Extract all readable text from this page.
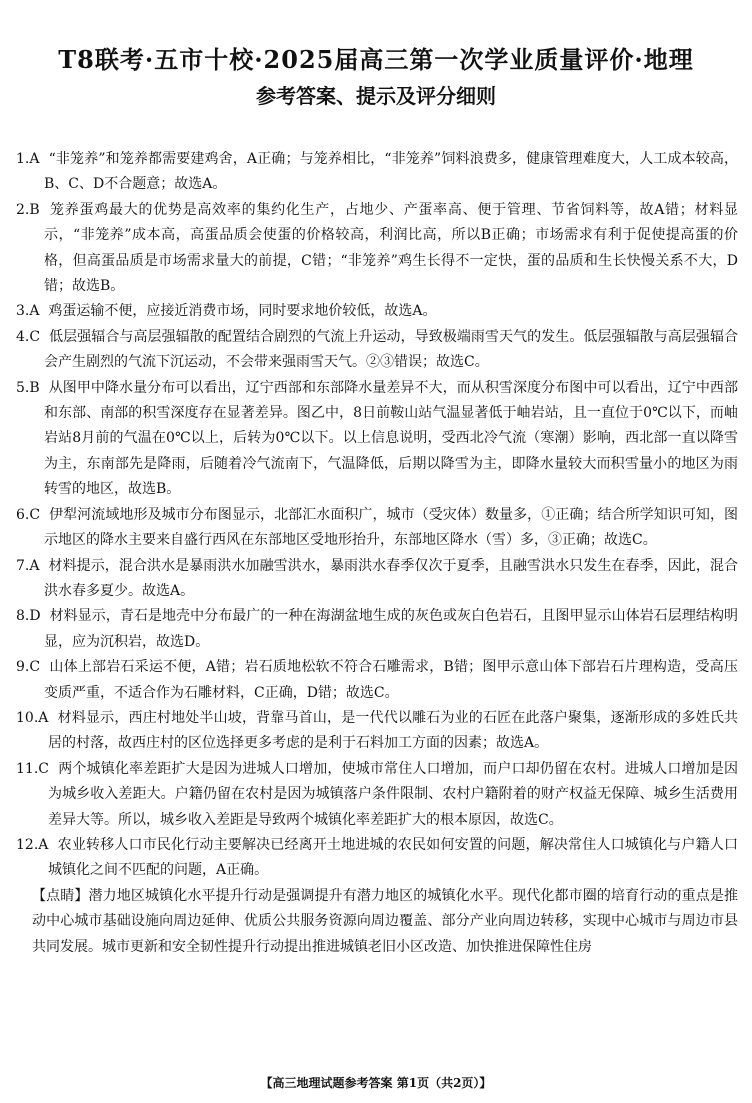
T8联考·五市十校·2025届高三第一次学业质量评价·地理
参考答案、提示及评分细则

1.A “非笼养”和笼养都需要建鸡舍，A正确；与笼养相比，“非笼养”饲料浪费多，健康管理难度大，人工成本较高，B、C、D不合题意；故选A。

2.B 笼养蛋鸡最大的优势是高效率的集约化生产，占地少、产蛋率高、便于管理、节省饲料等，故A错；材料显示，“非笼养”成本高，高蛋品质会使蛋的价格较高，利润比高，所以B正确；市场需求有利于促使提高蛋的价格，但高蛋品质是市场需求量大的前提，C错；“非笼养”鸡生长得不一定快，蛋的品质和生长快慢关系不大，D错；故选B。

3.A 鸡蛋运输不便，应接近消费市场，同时要求地价较低，故选A。

4.C 低层强辐合与高层强辐散的配置结合剧烈的气流上升运动，导致极端雨雪天气的发生。低层强辐散与高层强辐合会产生剧烈的气流下沉运动，不会带来强雨雪天气。②③错误；故选C。

5.B 从图甲中降水量分布可以看出，辽宁西部和东部降水量差异不大，而从积雪深度分布图中可以看出，辽宁中西部和东部、南部的积雪深度存在显著差异。图乙中，8日前鞍山站气温显著低于岫岩站，且一直位于0℃以下，而岫岩站8月前的气温在0℃以上，后转为0℃以下。以上信息说明，受西北冷气流（寒潮）影响，西北部一直以降雪为主，东南部先是降雨，后随着冷气流南下，气温降低，后期以降雪为主，即降水量较大而积雪量小的地区为雨转雪的地区，故选B。

6.C 伊犁河流域地形及城市分布图显示，北部汇水面积广，城市（受灾体）数量多，①正确；结合所学知识可知，图示地区的降水主要来自盛行西风在东部地区受地形抬升，东部地区降水（雪）多，③正确；故选C。

7.A 材料提示，混合洪水是暴雨洪水加融雪洪水，暴雨洪水春季仅次于夏季，且融雪洪水只发生在春季，因此，混合洪水春多夏少。故选A。

8.D 材料显示，青石是地壳中分布最广的一种在海湖盆地生成的灰色或灰白色岩石，且图甲显示山体岩石层理结构明显，应为沉积岩，故选D。

9.C 山体上部岩石采运不便，A错；岩石质地松软不符合石雕需求，B错；图甲示意山体下部岩石片理构造，受高压变质严重，不适合作为石雕材料，C正确，D错；故选C。

10.A 材料显示，西庄村地处半山坡，背靠马首山，是一代代以雕石为业的石匠在此落户聚集，逐渐形成的多姓氏共居的村落，故西庄村的区位选择更多考虑的是利于石料加工方面的因素；故选A。

11.C 两个城镇化率差距扩大是因为进城人口增加，使城市常住人口增加，而户口却仍留在农村。进城人口增加是因为城乡收入差距大。户籍仍留在农村是因为城镇落户条件限制、农村户籍附着的财产权益无保障、城乡生活费用差异大等。所以，城乡收入差距是导致两个城镇化率差距扩大的根本原因，故选C。

12.A 农业转移人口市民化行动主要解决已经离开土地进城的农民如何安置的问题，解决常住人口城镇化与户籍人口城镇化之间不匹配的问题，A正确。

【点睛】潜力地区城镇化水平提升行动是强调提升有潜力地区的城镇化水平。现代化都市圈的培育行动的重点是推动中心城市基础设施向周边延伸、优质公共服务资源向周边覆盖、部分产业向周边转移，实现中心城市与周边市县共同发展。城市更新和安全韧性提升行动提出推进城镇老旧小区改造、加快推进保障性住房

【高三地理试题参考答案 第1页（共2页）】
